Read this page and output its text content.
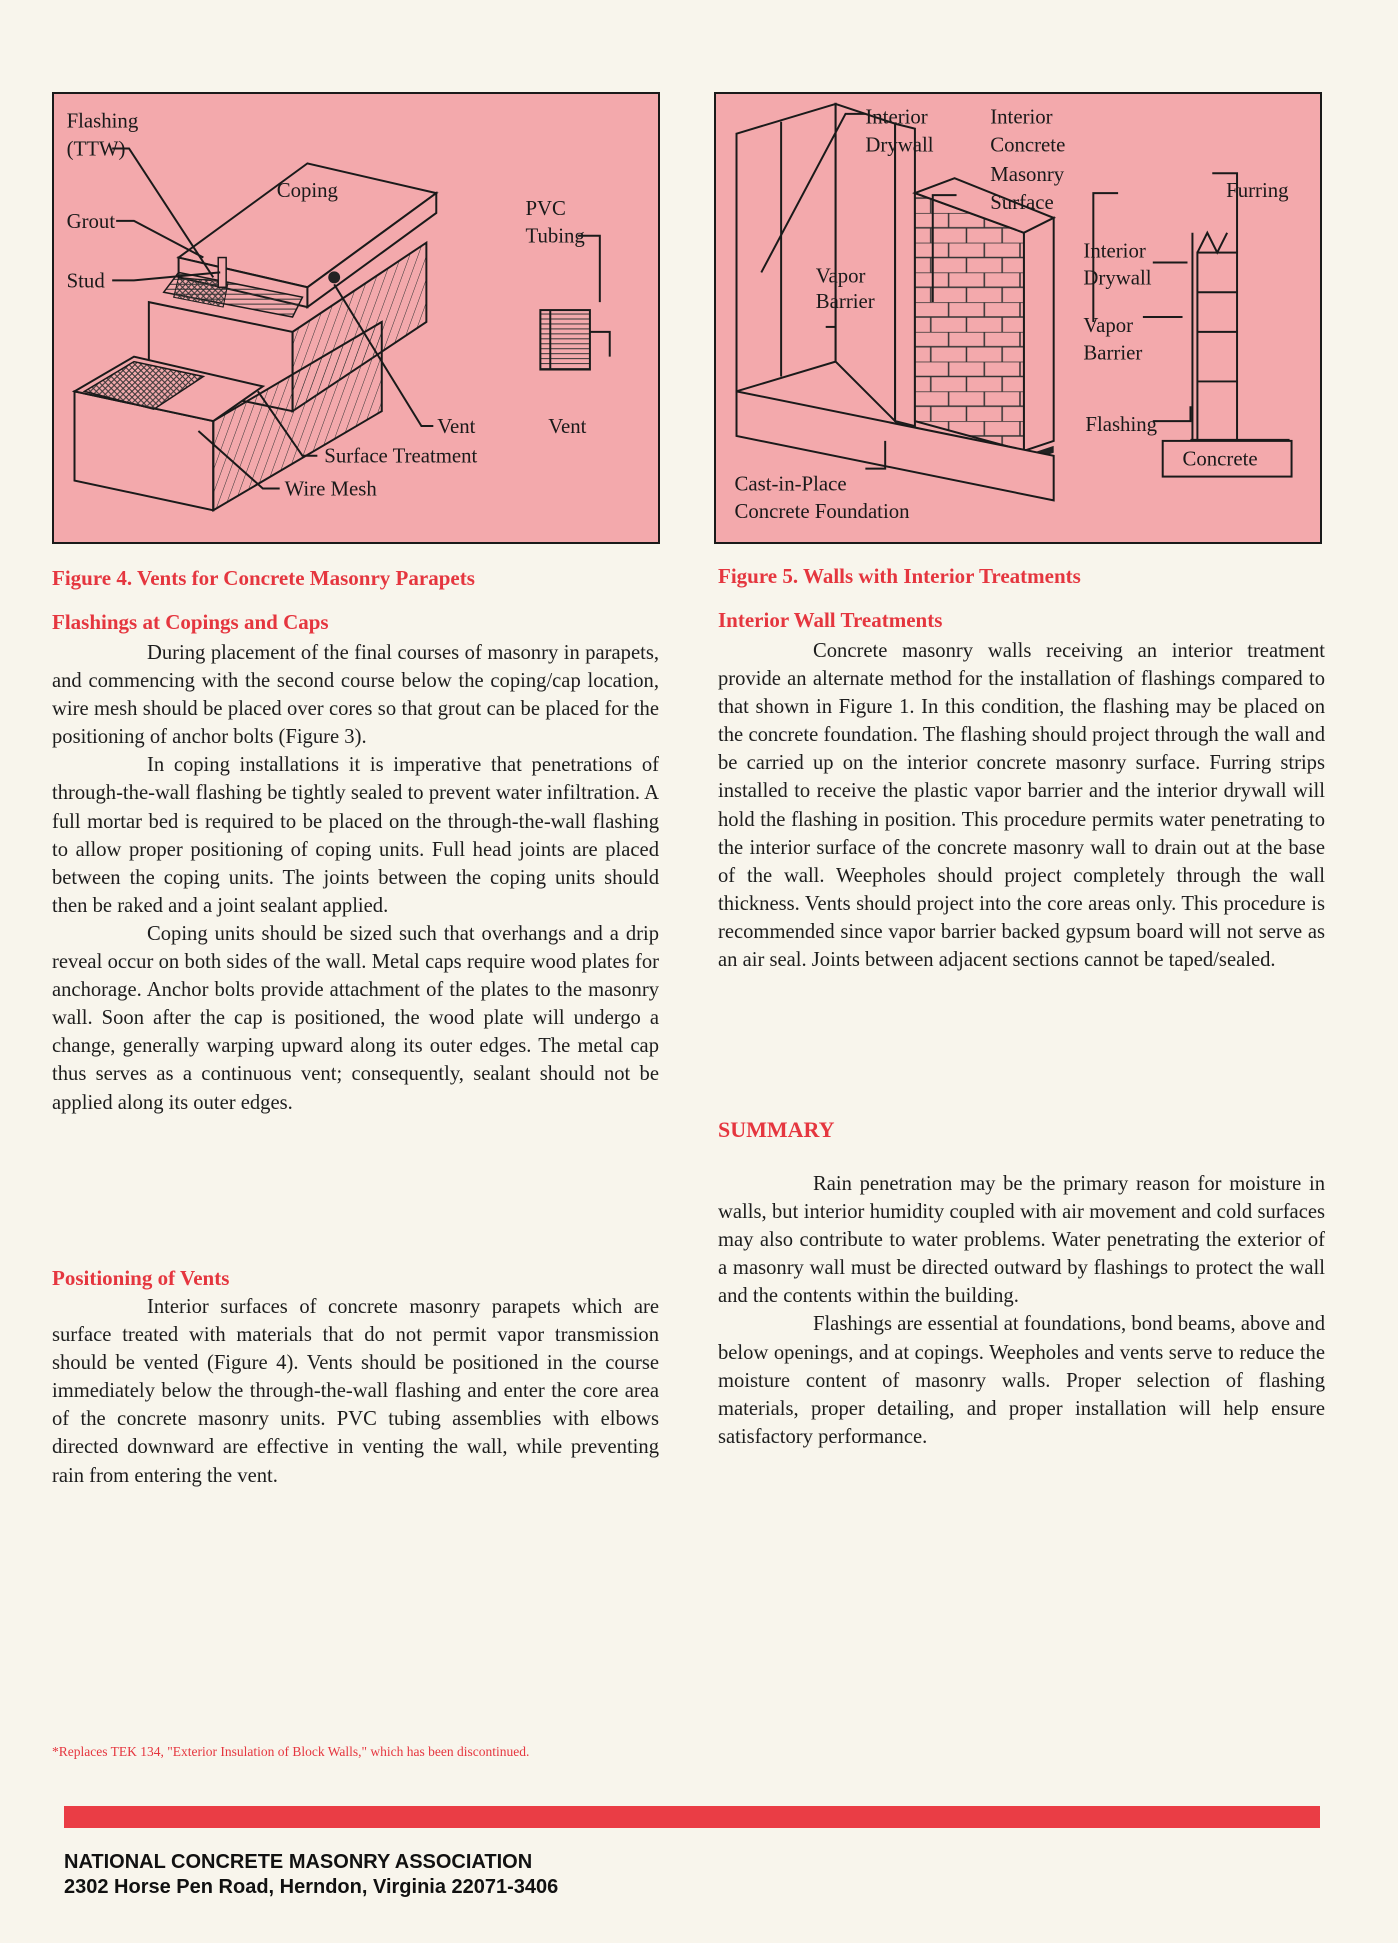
Flashing
(TTW)
Coping
Grout
Stud
PVC
Tubing
Vent	Vent
Surface Treatment
Wire Mesh
Interior
Drywall
Interior
Concrete
Masonry
Surface	Furring
Vapor
Barrier
Interior
Drywall
Vapor
Barrier
Flashing
Concrete
Cast-in-Place
Concrete Foundation

Figure 4. Vents for Concrete Masonry Parapets	Figure 5. Walls with Interior Treatments

Flashings at Copings and Caps

During placement of the final courses of masonry in parapets, and commencing with the second course below the coping/cap location, wire mesh should be placed over cores so that grout can be placed for the positioning of anchor bolts (Figure 3).

In coping installations it is imperative that penetrations of through-the-wall flashing be tightly sealed to prevent water infiltration. A full mortar bed is required to be placed on the through-the-wall flashing to allow proper positioning of coping units. Full head joints are placed between the coping units. The joints between the coping units should then be raked and a joint sealant applied.

Coping units should be sized such that overhangs and a drip reveal occur on both sides of the wall. Metal caps require wood plates for anchorage. Anchor bolts provide attachment of the plates to the masonry wall. Soon after the cap is positioned, the wood plate will undergo a change, generally warping upward along its outer edges. The metal cap thus serves as a continuous vent; consequently, sealant should not be applied along its outer edges.

Positioning of Vents

Interior surfaces of concrete masonry parapets which are surface treated with materials that do not permit vapor transmission should be vented (Figure 4). Vents should be positioned in the course immediately below the through-the-wall flashing and enter the core area of the concrete masonry units. PVC tubing assemblies with elbows directed downward are effective in venting the wall, while preventing rain from entering the vent.

Interior Wall Treatments

Concrete masonry walls receiving an interior treatment provide an alternate method for the installation of flashings compared to that shown in Figure 1. In this condition, the flashing may be placed on the concrete foundation. The flashing should project through the wall and be carried up on the interior concrete masonry surface. Furring strips installed to receive the plastic vapor barrier and the interior drywall will hold the flashing in position. This procedure permits water penetrating to the interior surface of the concrete masonry wall to drain out at the base of the wall. Weepholes should project completely through the wall thickness. Vents should project into the core areas only. This procedure is recommended since vapor barrier backed gypsum board will not serve as an air seal. Joints between adjacent sections cannot be taped/sealed.

SUMMARY

Rain penetration may be the primary reason for moisture in walls, but interior humidity coupled with air movement and cold surfaces may also contribute to water problems. Water penetrating the exterior of a masonry wall must be directed outward by flashings to protect the wall and the contents within the building.

Flashings are essential at foundations, bond beams, above and below openings, and at copings. Weepholes and vents serve to reduce the moisture content of masonry walls. Proper selection of flashing materials, proper detailing, and proper installation will help ensure satisfactory performance.

*Replaces TEK 134, "Exterior Insulation of Block Walls," which has been discontinued.

NATIONAL CONCRETE MASONRY ASSOCIATION
2302 Horse Pen Road, Herndon, Virginia 22071-3406
